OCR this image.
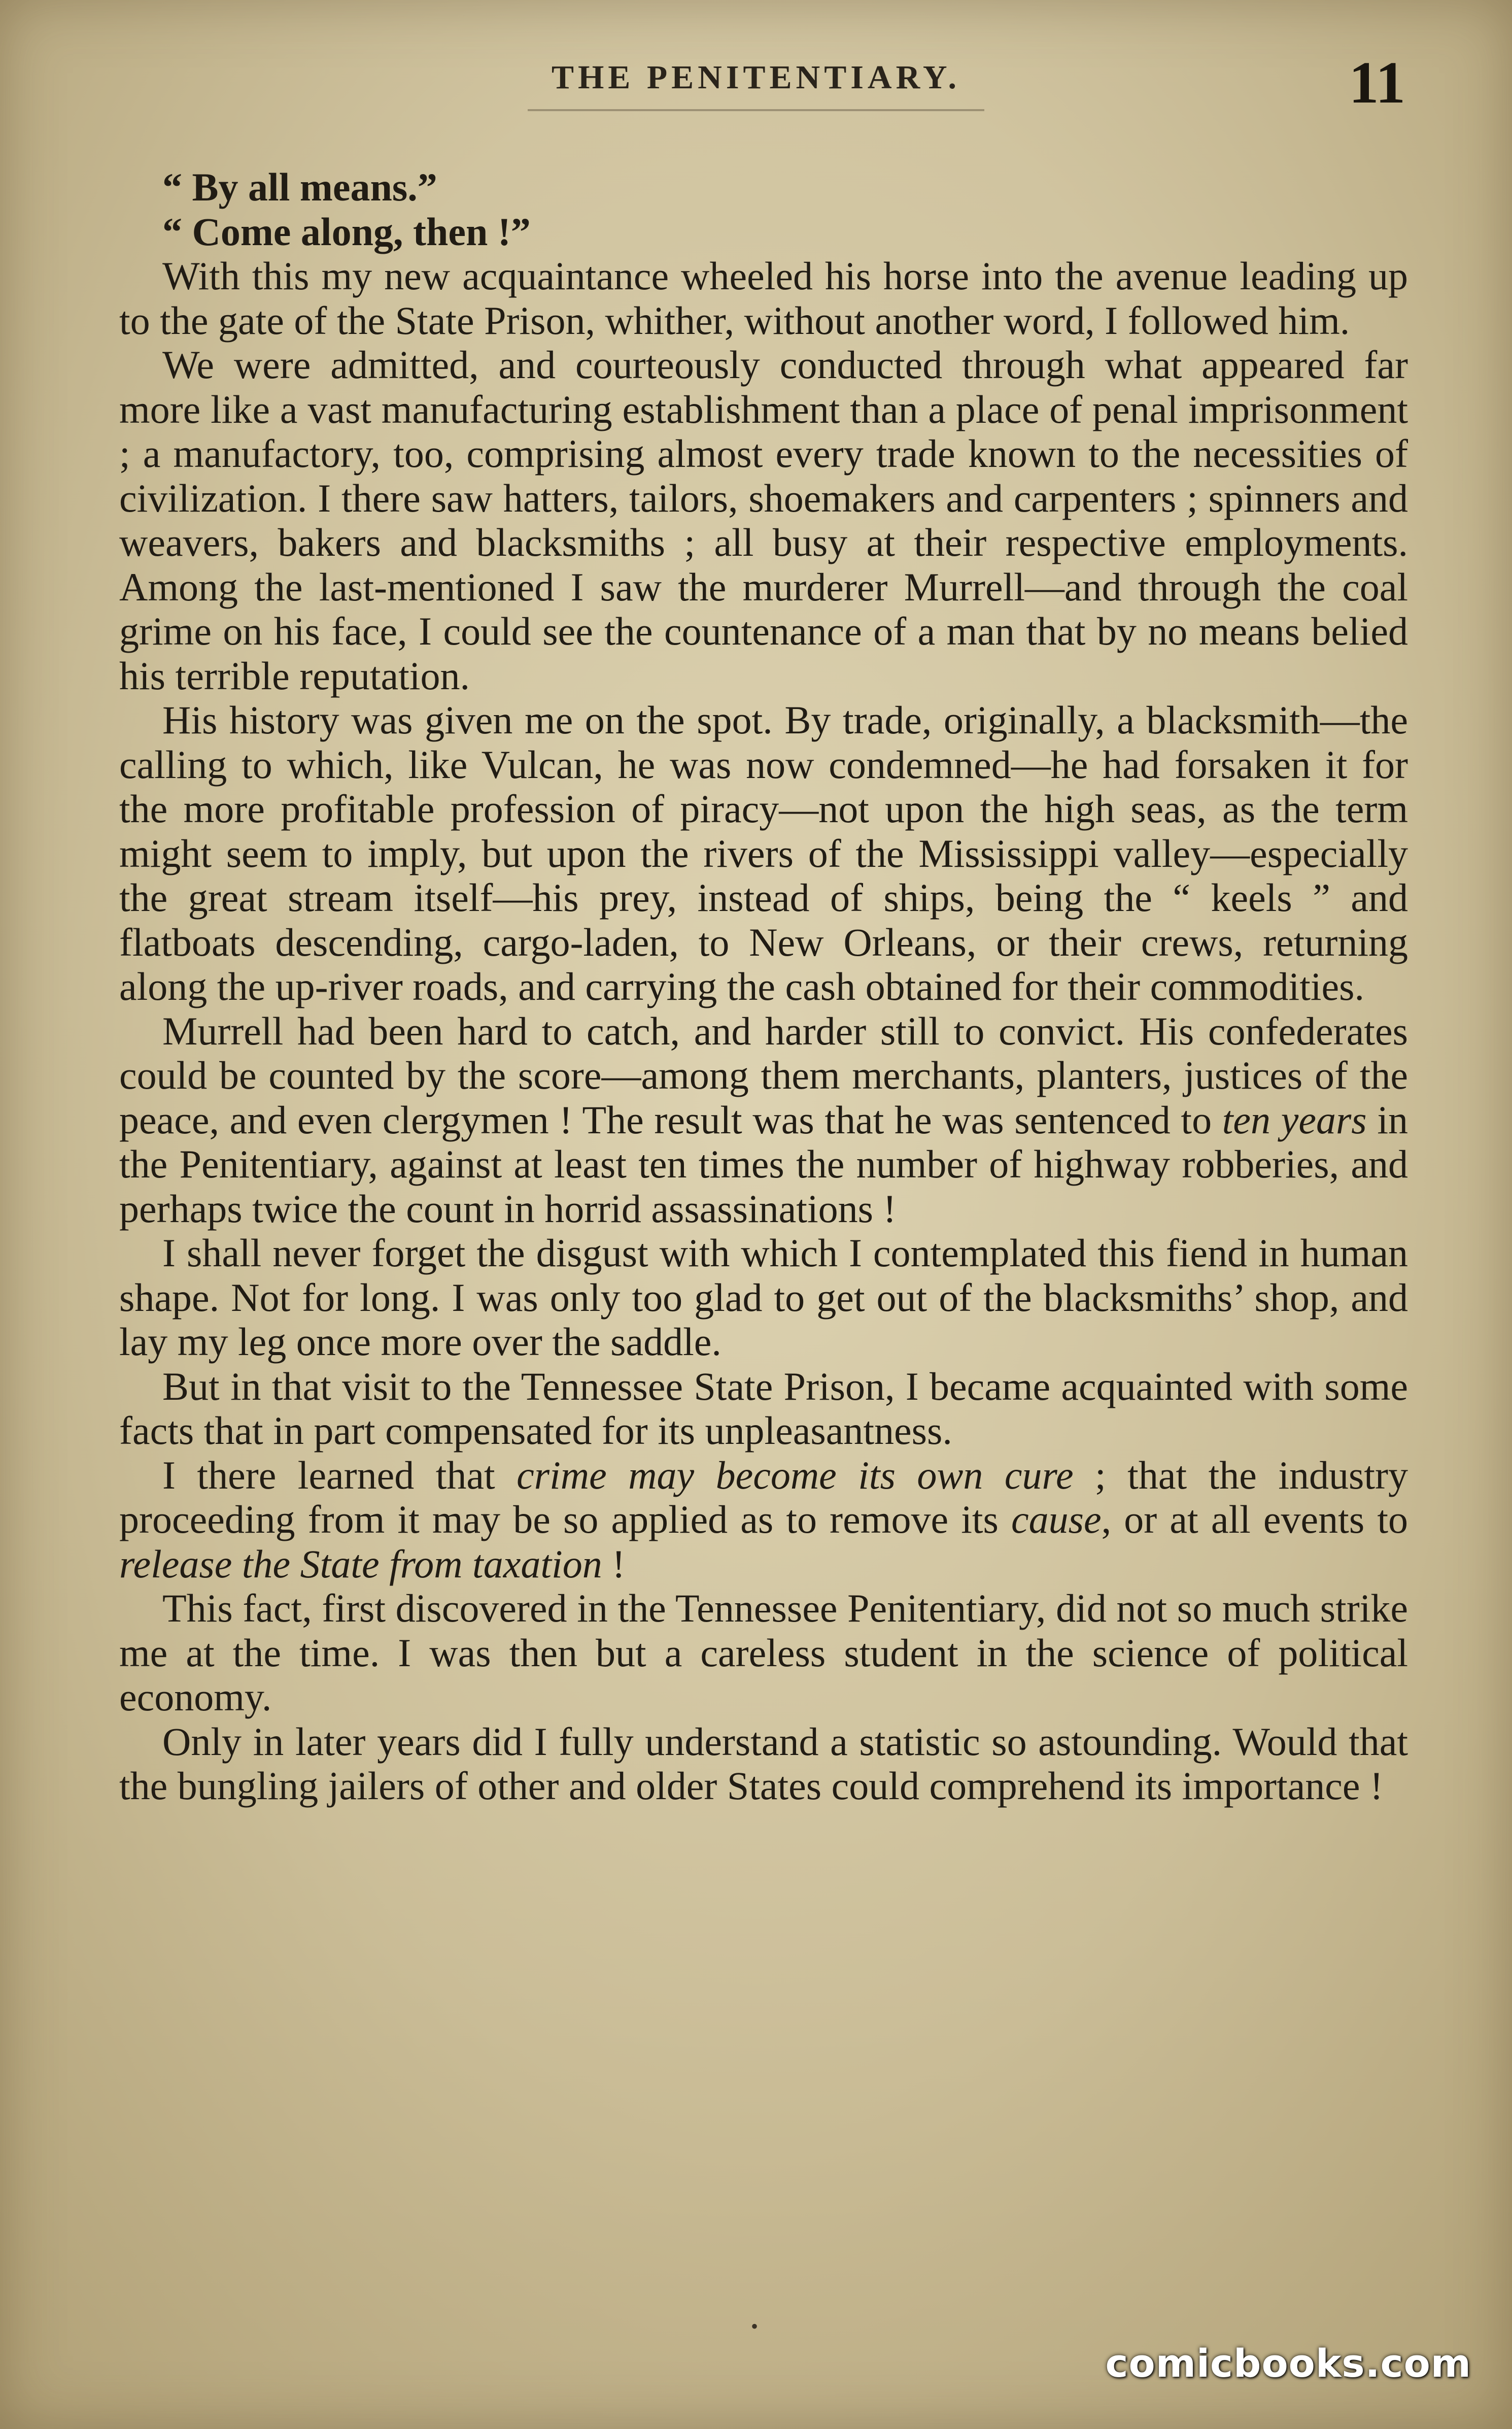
THE PENITENTIARY.	11

“ By all means.”

“ Come along, then !”

With this my new acquaintance wheeled his horse into the avenue leading up to the gate of the State Prison, whither, without another word, I followed him.

We were admitted, and courteously conducted through what appeared far more like a vast manufacturing establishment than a place of penal imprisonment ; a manufactory, too, comprising almost every trade known to the necessities of civilization. I there saw hatters, tailors, shoemakers and carpenters ; spinners and weavers, bakers and blacksmiths ; all busy at their respective employments. Among the last-mentioned I saw the murderer Murrell—and through the coal grime on his face, I could see the countenance of a man that by no means belied his terrible reputation.

His history was given me on the spot. By trade, originally, a blacksmith—the calling to which, like Vulcan, he was now condemned—he had forsaken it for the more profitable profession of piracy—not upon the high seas, as the term might seem to imply, but upon the rivers of the Mississippi valley—especially the great stream itself—his prey, instead of ships, being the “ keels ” and flatboats descending, cargo-laden, to New Orleans, or their crews, returning along the up-river roads, and carrying the cash obtained for their commodities.

Murrell had been hard to catch, and harder still to convict. His confederates could be counted by the score—among them merchants, planters, justices of the peace, and even clergymen ! The result was that he was sentenced to ten years in the Penitentiary, against at least ten times the number of highway robberies, and perhaps twice the count in horrid assassinations !

I shall never forget the disgust with which I contemplated this fiend in human shape. Not for long. I was only too glad to get out of the blacksmiths’ shop, and lay my leg once more over the saddle.

But in that visit to the Tennessee State Prison, I became acquainted with some facts that in part compensated for its unpleasantness.

I there learned that crime may become its own cure ; that the industry proceeding from it may be so applied as to remove its cause, or at all events to release the State from taxation !

This fact, first discovered in the Tennessee Penitentiary, did not so much strike me at the time. I was then but a careless student in the science of political economy.

Only in later years did I fully understand a statistic so astounding. Would that the bungling jailers of other and older States could comprehend its importance !

•
comicbooks.com
